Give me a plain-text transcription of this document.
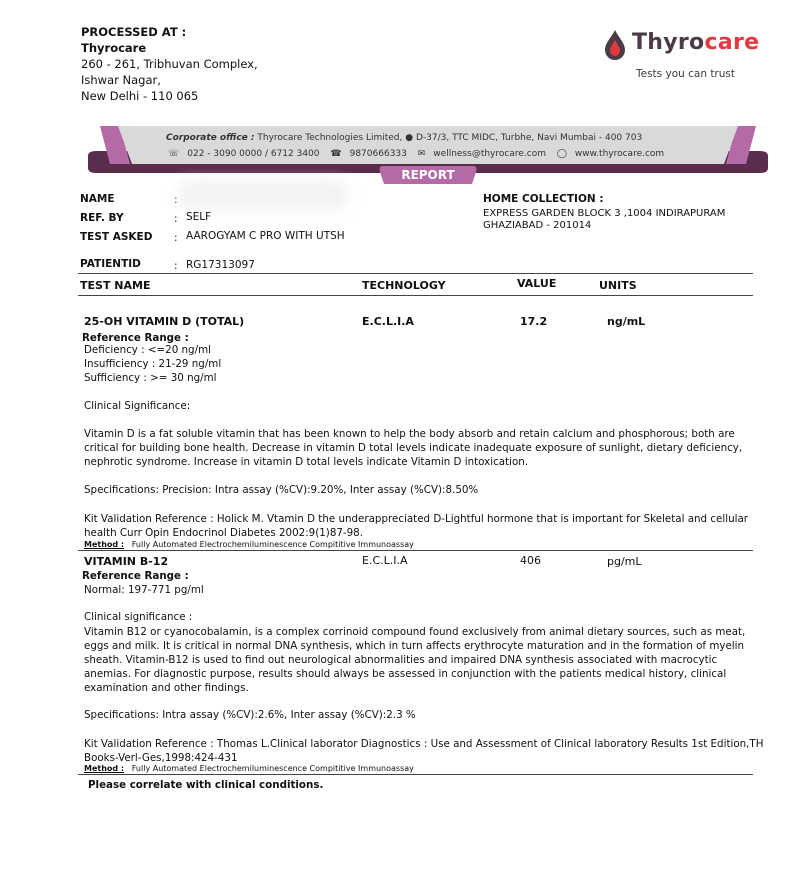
PROCESSED AT :
Thyrocare
260 - 261, Tribhuvan Complex,
Ishwar Nagar,
New Delhi - 110 065
Thyrocare
Tests you can trust
Corporate office : Thyrocare Technologies Limited, ● D-37/3, TTC MIDC, Turbhe, Navi Mumbai - 400 703
☏ 022 - 3090 0000 / 6712 3400 ☎ 9870666333 ✉ wellness@thyrocare.com ◯ www.thyrocare.com
REPORT
NAME	:
REF. BY	: SELF
TEST ASKED : AAROGYAM C PRO WITH UTSH
HOME COLLECTION :
EXPRESS GARDEN BLOCK 3 ,1004 INDIRAPURAM
GHAZIABAD - 201014
PATIENTID	: RG17313097
TEST NAME	TECHNOLOGY	VALUE	UNITS
25-OH VITAMIN D (TOTAL)	E.C.L.I.A	17.2	ng/mL
Reference Range :
Deficiency : <=20 ng/ml
Insufficiency : 21-29 ng/ml
Sufficiency : >= 30 ng/ml
Clinical Significance:

Vitamin D is a fat soluble vitamin that has been known to help the body absorb and retain calcium and phosphorous; both are critical for building bone health. Decrease in vitamin D total levels indicate inadequate exposure of sunlight, dietary deficiency, nephrotic syndrome. Increase in vitamin D total levels indicate Vitamin D intoxication.

Specifications: Precision: Intra assay (%CV):9.20%, Inter assay (%CV):8.50%

Kit Validation Reference : Holick M. Vtamin D the underappreciated D-Lightful hormone that is important for Skeletal and cellular health Curr Opin Endocrinol Diabetes 2002:9(1)87-98.

Method : Fully Automated Electrochemiluminescence Compititive Immunoassay
VITAMIN B-12	E.C.L.I.A	406	pg/mL
Reference Range :
Normal: 197-771 pg/ml
Clinical significance :

Vitamin B12 or cyanocobalamin, is a complex corrinoid compound found exclusively from animal dietary sources, such as meat, eggs and milk. It is critical in normal DNA synthesis, which in turn affects erythrocyte maturation and in the formation of myelin sheath. Vitamin-B12 is used to find out neurological abnormalities and impaired DNA synthesis associated with macrocytic anemias. For diagnostic purpose, results should always be assessed in conjunction with the patients medical history, clinical examination and other findings.

Specifications: Intra assay (%CV):2.6%, Inter assay (%CV):2.3 %

Kit Validation Reference : Thomas L.Clinical laborator Diagnostics : Use and Assessment of Clinical laboratory Results 1st Edition,TH Books-Verl-Ges,1998:424-431

Method : Fully Automated Electrochemiluminescence Compititive Immunoassay
Please correlate with clinical conditions.
